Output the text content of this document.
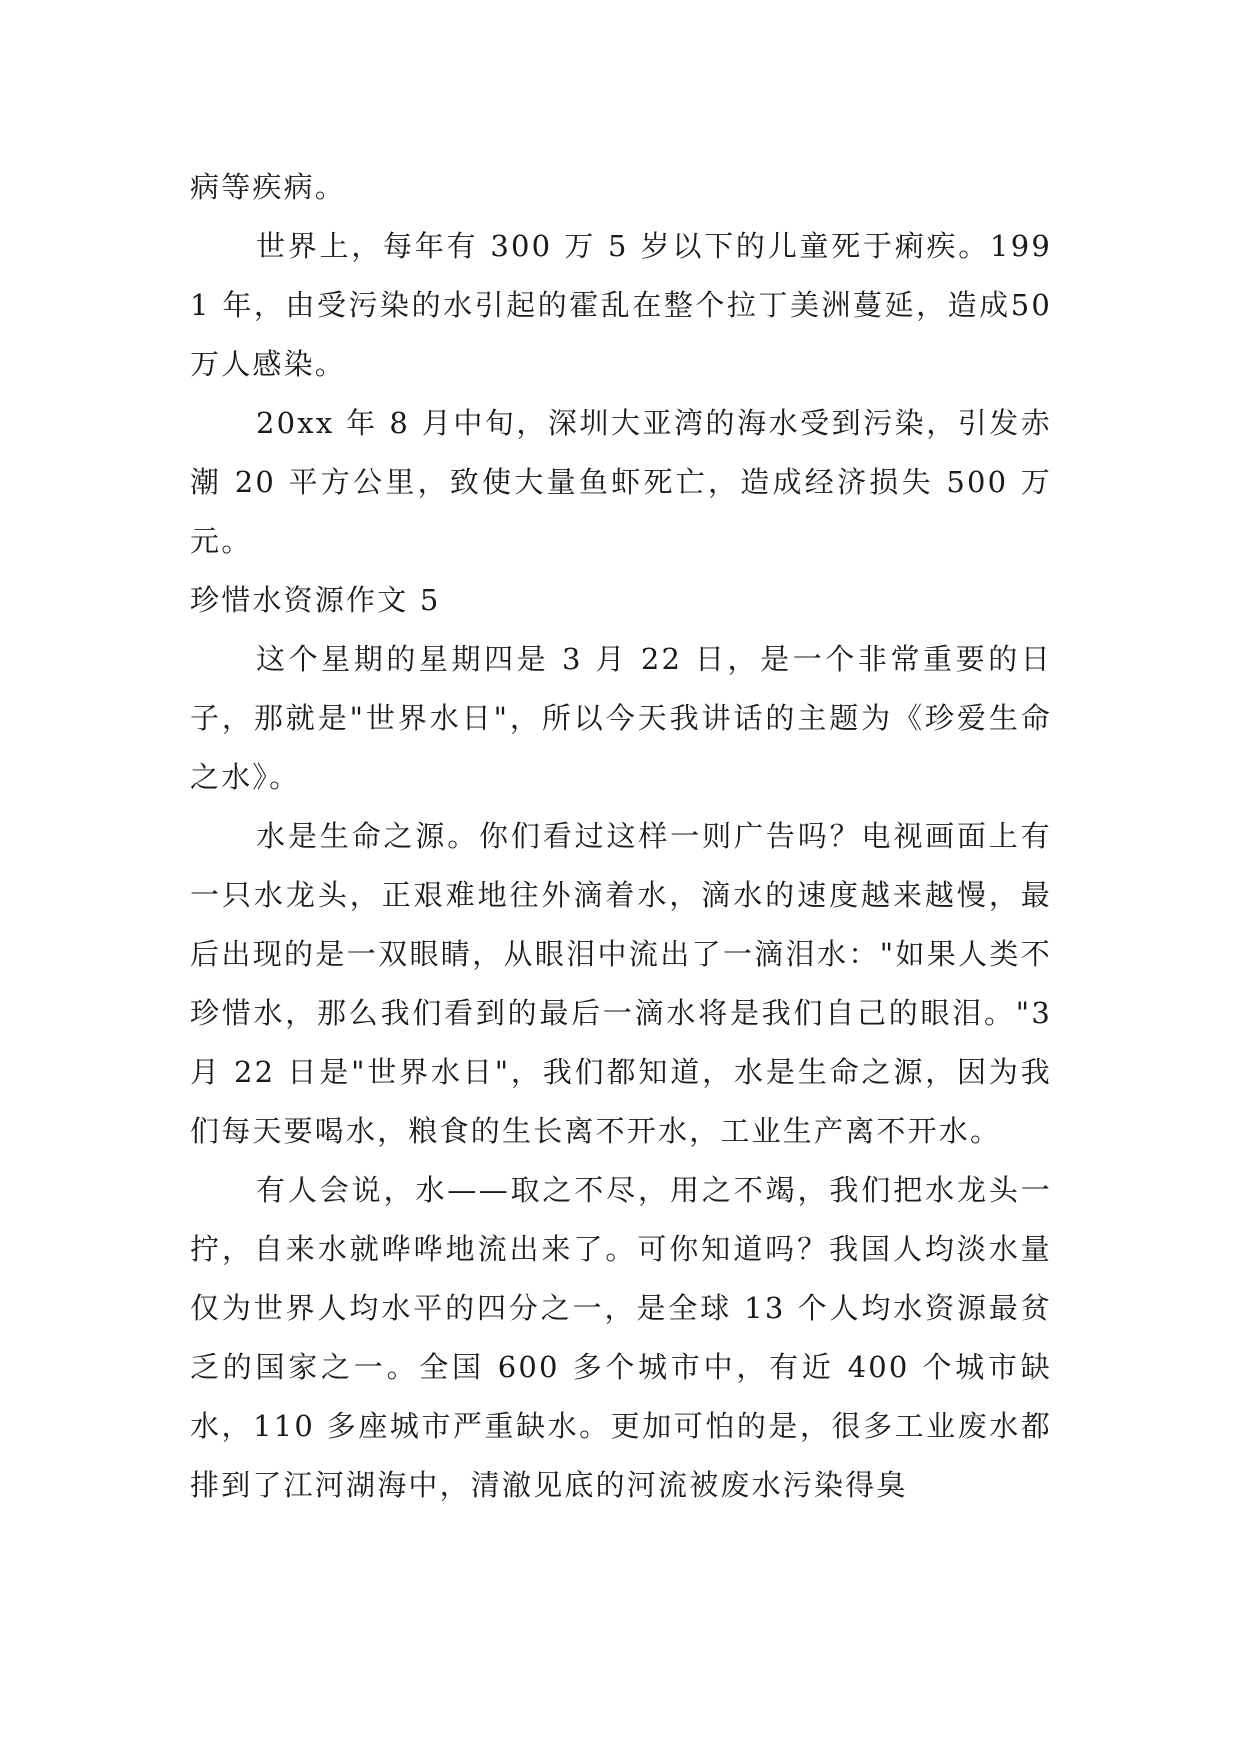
病等疾病。

世界上，每年有 300 万 5 岁以下的儿童死于痢疾。1991 年，由受污染的水引起的霍乱在整个拉丁美洲蔓延，造成50 万人感染。

20xx 年 8 月中旬，深圳大亚湾的海水受到污染，引发赤潮 20 平方公里，致使大量鱼虾死亡，造成经济损失 500 万元。

珍惜水资源作文 5

这个星期的星期四是 3 月 22 日，是一个非常重要的日子，那就是"世界水日"，所以今天我讲话的主题为《珍爱生命之水》。

水是生命之源。你们看过这样一则广告吗？电视画面上有一只水龙头，正艰难地往外滴着水，滴水的速度越来越慢，最后出现的是一双眼睛，从眼泪中流出了一滴泪水："如果人类不珍惜水，那么我们看到的最后一滴水将是我们自己的眼泪。"3 月 22 日是"世界水日"，我们都知道，水是生命之源，因为我们每天要喝水，粮食的生长离不开水，工业生产离不开水。

有人会说，水——取之不尽，用之不竭，我们把水龙头一拧，自来水就哗哗地流出来了。可你知道吗？我国人均淡水量仅为世界人均水平的四分之一，是全球 13 个人均水资源最贫乏的国家之一。全国 600 多个城市中，有近 400 个城市缺水，110 多座城市严重缺水。更加可怕的是，很多工业废水都排到了江河湖海中，清澈见底的河流被废水污染得臭
